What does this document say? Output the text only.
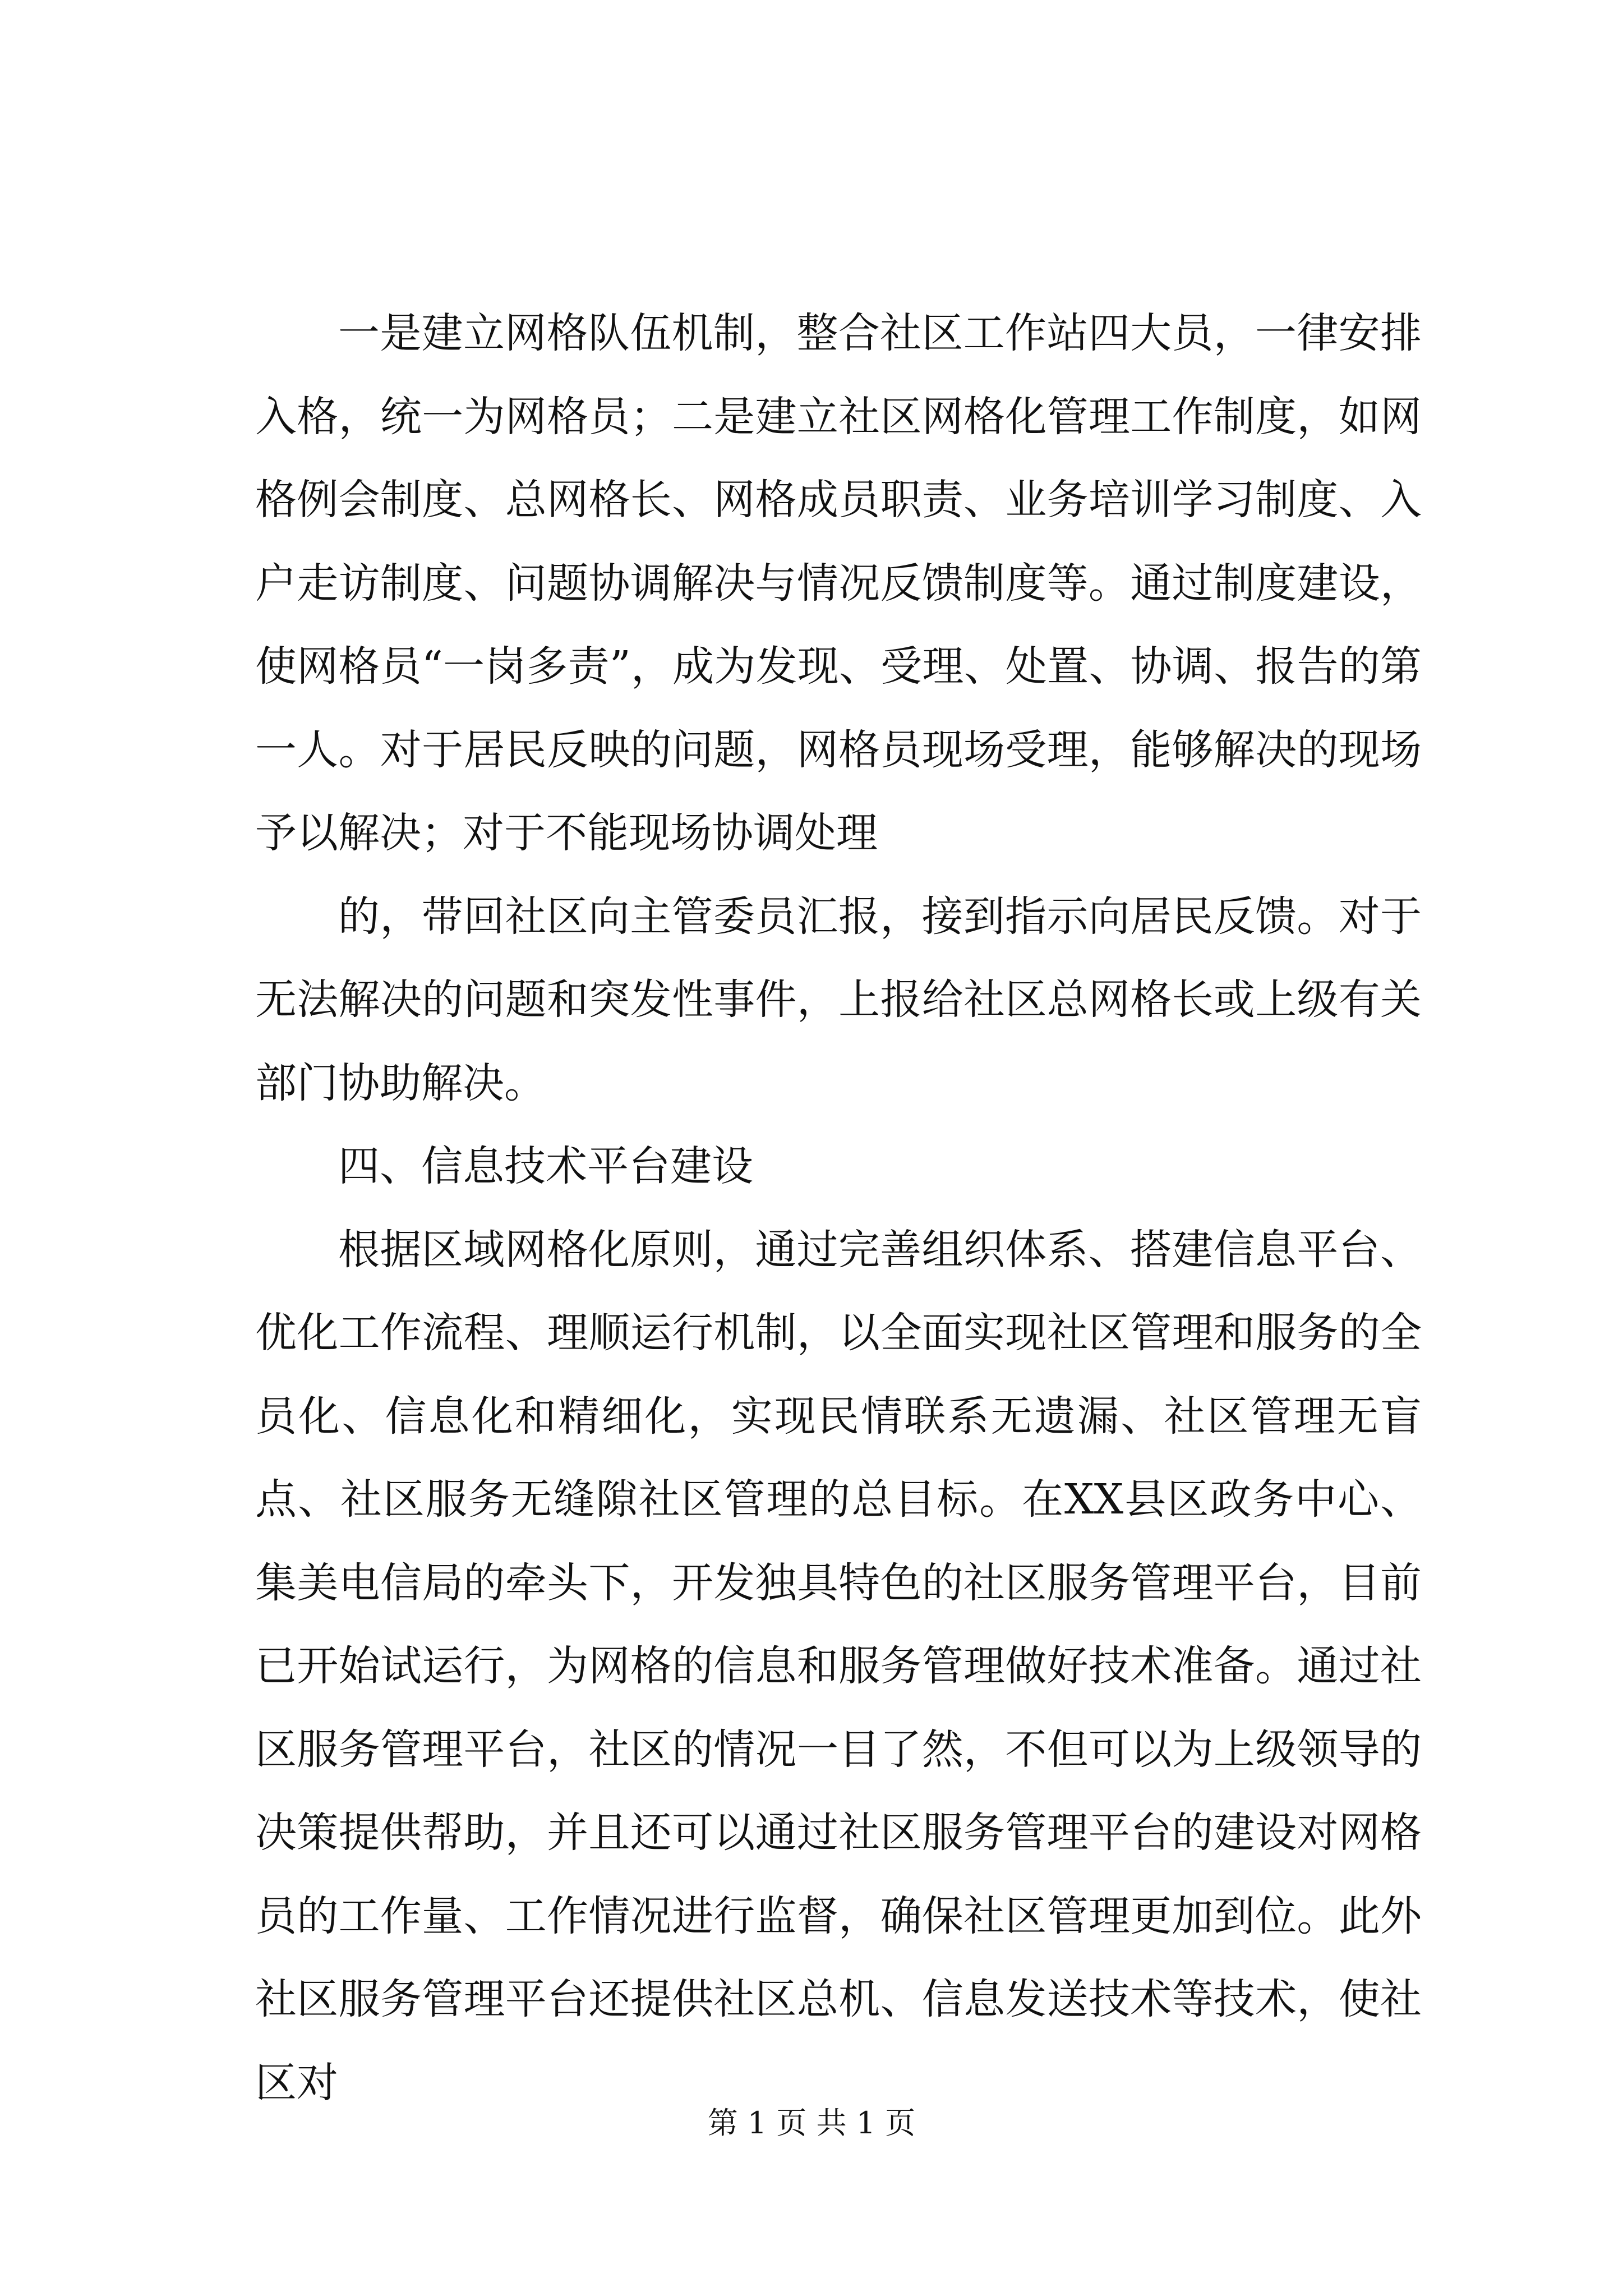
一是建立网格队伍机制，整合社区工作站四大员，一律安排入格，统一为网格员；二是建立社区网格化管理工作制度，如网格例会制度、总网格长、网格成员职责、业务培训学习制度、入户走访制度、问题协调解决与情况反馈制度等。通过制度建设，使网格员“一岗多责”，成为发现、受理、处置、协调、报告的第一人。对于居民反映的问题，网格员现场受理，能够解决的现场予以解决；对于不能现场协调处理

的，带回社区向主管委员汇报，接到指示向居民反馈。对于无法解决的问题和突发性事件，上报给社区总网格长或上级有关部门协助解决。

四、信息技术平台建设

根据区域网格化原则，通过完善组织体系、搭建信息平台、优化工作流程、理顺运行机制，以全面实现社区管理和服务的全员化、信息化和精细化，实现民情联系无遗漏、社区管理无盲点、社区服务无缝隙社区管理的总目标。在XX县区政务中心、集美电信局的牵头下，开发独具特色的社区服务管理平台，目前已开始试运行，为网格的信息和服务管理做好技术准备。通过社区服务管理平台，社区的情况一目了然，不但可以为上级领导的决策提供帮助，并且还可以通过社区服务管理平台的建设对网格员的工作量、工作情况进行监督，确保社区管理更加到位。此外社区服务管理平台还提供社区总机、信息发送技术等技术，使社区对

第 1 页 共 1 页
